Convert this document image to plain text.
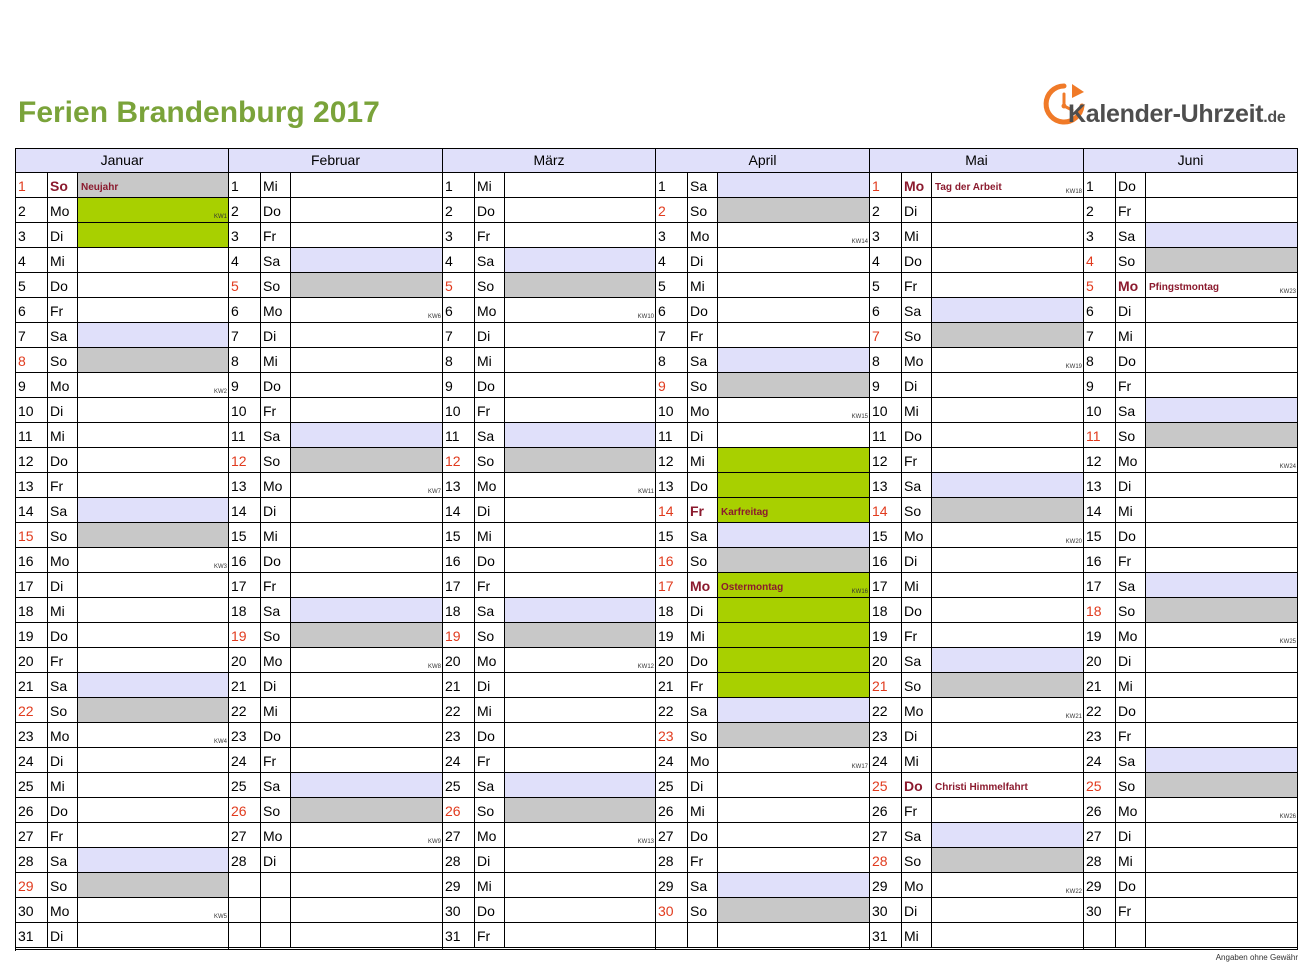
Ferien Brandenburg 2017	Kalender-Uhrzeit.de
Januar
1	So	Neujahr
2	Mo	KW1
3	Di
4	Mi
5	Do
6	Fr
7	Sa
8	So
9	Mo	KW2
10	Di
11	Mi
12	Do
13	Fr
14	Sa
15	So
16	Mo	KW3
17	Di
18	Mi
19	Do
20	Fr
21	Sa
22	So
23	Mo	KW4
24	Di
25	Mi
26	Do
27	Fr
28	Sa
29	So
30	Mo	KW5
31	Di
Februar
1	Mi
2	Do
3	Fr
4	Sa
5	So
6	Mo	KW6
7	Di
8	Mi
9	Do
10	Fr
11	Sa
12	So
13	Mo	KW7
14	Di
15	Mi
16	Do
17	Fr
18	Sa
19	So
20	Mo	KW8
21	Di
22	Mi
23	Do
24	Fr
25	Sa
26	So
27	Mo	KW9
28	Di
März
1	Mi
2	Do
3	Fr
4	Sa
5	So
6	Mo	KW10
7	Di
8	Mi
9	Do
10	Fr
11	Sa
12	So
13	Mo	KW11
14	Di
15	Mi
16	Do
17	Fr
18	Sa
19	So
20	Mo	KW12
21	Di
22	Mi
23	Do
24	Fr
25	Sa
26	So
27	Mo	KW13
28	Di
29	Mi
30	Do
31	Fr
April
1	Sa
2	So
3	Mo	KW14
4	Di
5	Mi
6	Do
7	Fr
8	Sa
9	So
10	Mo	KW15
11	Di
12	Mi
13	Do
14	Fr	Karfreitag
15	Sa
16	So
17	Mo	Ostermontag	KW16
18	Di
19	Mi
20	Do
21	Fr
22	Sa
23	So
24	Mo	KW17
25	Di
26	Mi
27	Do
28	Fr
29	Sa
30	So
Mai
1	Mo	Tag der Arbeit	KW18
2	Di
3	Mi
4	Do
5	Fr
6	Sa
7	So
8	Mo	KW19
9	Di
10	Mi
11	Do
12	Fr
13	Sa
14	So
15	Mo	KW20
16	Di
17	Mi
18	Do
19	Fr
20	Sa
21	So
22	Mo	KW21
23	Di
24	Mi
25	Do	Christi Himmelfahrt
26	Fr
27	Sa
28	So
29	Mo	KW22
30	Di
31	Mi
Juni
1	Do
2	Fr
3	Sa
4	So
5	Mo	Pfingstmontag	KW23
6	Di
7	Mi
8	Do
9	Fr
10	Sa
11	So
12	Mo	KW24
13	Di
14	Mi
15	Do
16	Fr
17	Sa
18	So
19	Mo	KW25
20	Di
21	Mi
22	Do
23	Fr
24	Sa
25	So
26	Mo	KW26
27	Di
28	Mi
29	Do
30	Fr
Angaben ohne Gewähr
